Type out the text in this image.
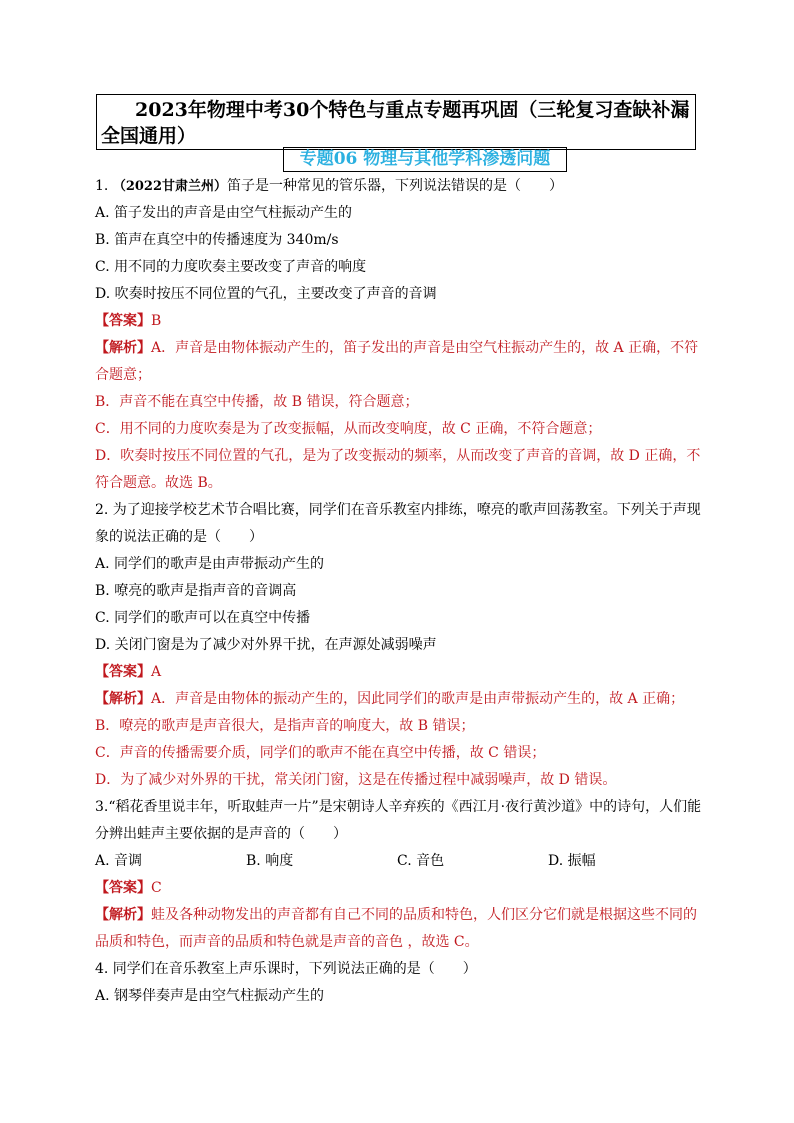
2023年物理中考30个特色与重点专题再巩固（三轮复习查缺补漏全国通用）
专题06 物理与其他学科渗透问题
1. （2022甘肃兰州）笛子是一种常见的管乐器，下列说法错误的是（　　）
A. 笛子发出的声音是由空气柱振动产生的
B. 笛声在真空中的传播速度为 340m/s
C. 用不同的力度吹奏主要改变了声音的响度
D. 吹奏时按压不同位置的气孔，主要改变了声音的音调
【答案】B
【解析】A．声音是由物体振动产生的，笛子发出的声音是由空气柱振动产生的，故 A 正确，不符
合题意；
B．声音不能在真空中传播，故 B 错误，符合题意；
C．用不同的力度吹奏是为了改变振幅，从而改变响度，故 C 正确，不符合题意；
D．吹奏时按压不同位置的气孔，是为了改变振动的频率，从而改变了声音的音调，故 D 正确，不
符合题意。故选 B。
2. 为了迎接学校艺术节合唱比赛，同学们在音乐教室内排练，嘹亮的歌声回荡教室。下列关于声现
象的说法正确的是（　　）
A. 同学们的歌声是由声带振动产生的
B. 嘹亮的歌声是指声音的音调高
C. 同学们的歌声可以在真空中传播
D. 关闭门窗是为了减少对外界干扰，在声源处减弱噪声
【答案】A
【解析】A．声音是由物体的振动产生的，因此同学们的歌声是由声带振动产生的，故 A 正确；
B．嘹亮的歌声是声音很大，是指声音的响度大，故 B 错误；
C．声音的传播需要介质，同学们的歌声不能在真空中传播，故 C 错误；
D．为了减少对外界的干扰，常关闭门窗，这是在传播过程中减弱噪声，故 D 错误。
3.“稻花香里说丰年，听取蛙声一片”是宋朝诗人辛弃疾的《西江月·夜行黄沙道》中的诗句，人们能
分辨出蛙声主要依据的是声音的（　　）
A. 音调	B. 响度	C. 音色	D. 振幅
【答案】C
【解析】蛙及各种动物发出的声音都有自己不同的品质和特色，人们区分它们就是根据这些不同的
品质和特色，而声音的品质和特色就是声音的音色 ，故选 C。
4. 同学们在音乐教室上声乐课时，下列说法正确的是（　　）
A. 钢琴伴奏声是由空气柱振动产生的
